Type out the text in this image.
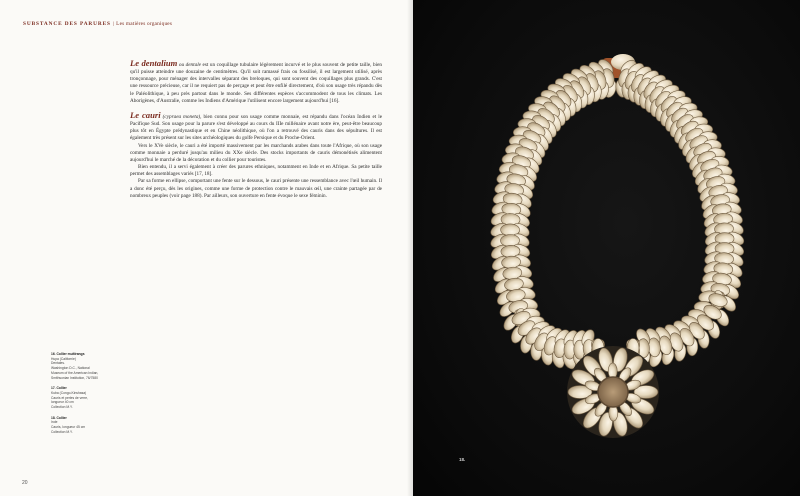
SUBSTANCE DES PARURES | Les matières organiques

Le dentalium ou dentale est un coquillage tubulaire légèrement incurvé et le plus souvent de petite taille, bien qu'il puisse atteindre une douzaine de centimètres. Qu'il soit ramassé frais ou fossilisé, il est largement utilisé, après tronçonnage, pour ménager des intervalles séparant des breloques, qui sont souvent des coquillages plus grands. C'est une ressource précieuse, car il ne requiert pas de perçage et peut être enfilé directement, d'où son usage très répandu dès le Paléolithique, à peu près partout dans le monde. Ses différentes espèces s'accommodent de tous les climats. Les Aborigènes, d'Australie, comme les Indiens d'Amérique l'utilisent encore largement aujourd'hui [16].

Le cauri (cypraea moneta), bien connu pour son usage comme monnaie, est répandu dans l'océan Indien et le Pacifique Sud. Son usage pour la parure s'est développé au cours du IIIe millénaire avant notre ère, peut-être beaucoup plus tôt en Égypte prédynastique et en Chine néolithique, où l'on a retrouvé des cauris dans des sépultures. Il est également très présent sur les sites archéologiques du golfe Persique et du Proche-Orient.

Vers le XVe siècle, le cauri a été importé massivement par les marchands arabes dans toute l'Afrique, où son usage comme monnaie a perduré jusqu'au milieu du XXe siècle. Des stocks importants de cauris démonétisés alimentent aujourd'hui le marché de la décoration et du collier pour touristes.

Bien entendu, il a servi également à créer des parures ethniques, notamment en Inde et en Afrique. Sa petite taille permet des assemblages variés [17, 18].

Par sa forme en ellipse, comportant une fente sur le dessous, le cauri présente une ressemblance avec l'œil humain. Il a donc été perçu, dès les origines, comme une forme de protection contre le mauvais œil, une crainte partagée par de nombreux peuples (voir page 188). Par ailleurs, son ouverture en fente évoque le sexe féminin.

16. Collier multirangs
Hupa (Californie)
Dentales.
Washington D.C., National
Museum of the American Indian,
Smithsonian Institution, 76/7580
17. Collier
Kuba (Congo-Kinshasa)
Cauris et perles de verre,
longueur 40 cm
Collection M.Y.
18. Collier
Inde
Cauris, longueur 45 cm
Collection M.Y.
20
18.
